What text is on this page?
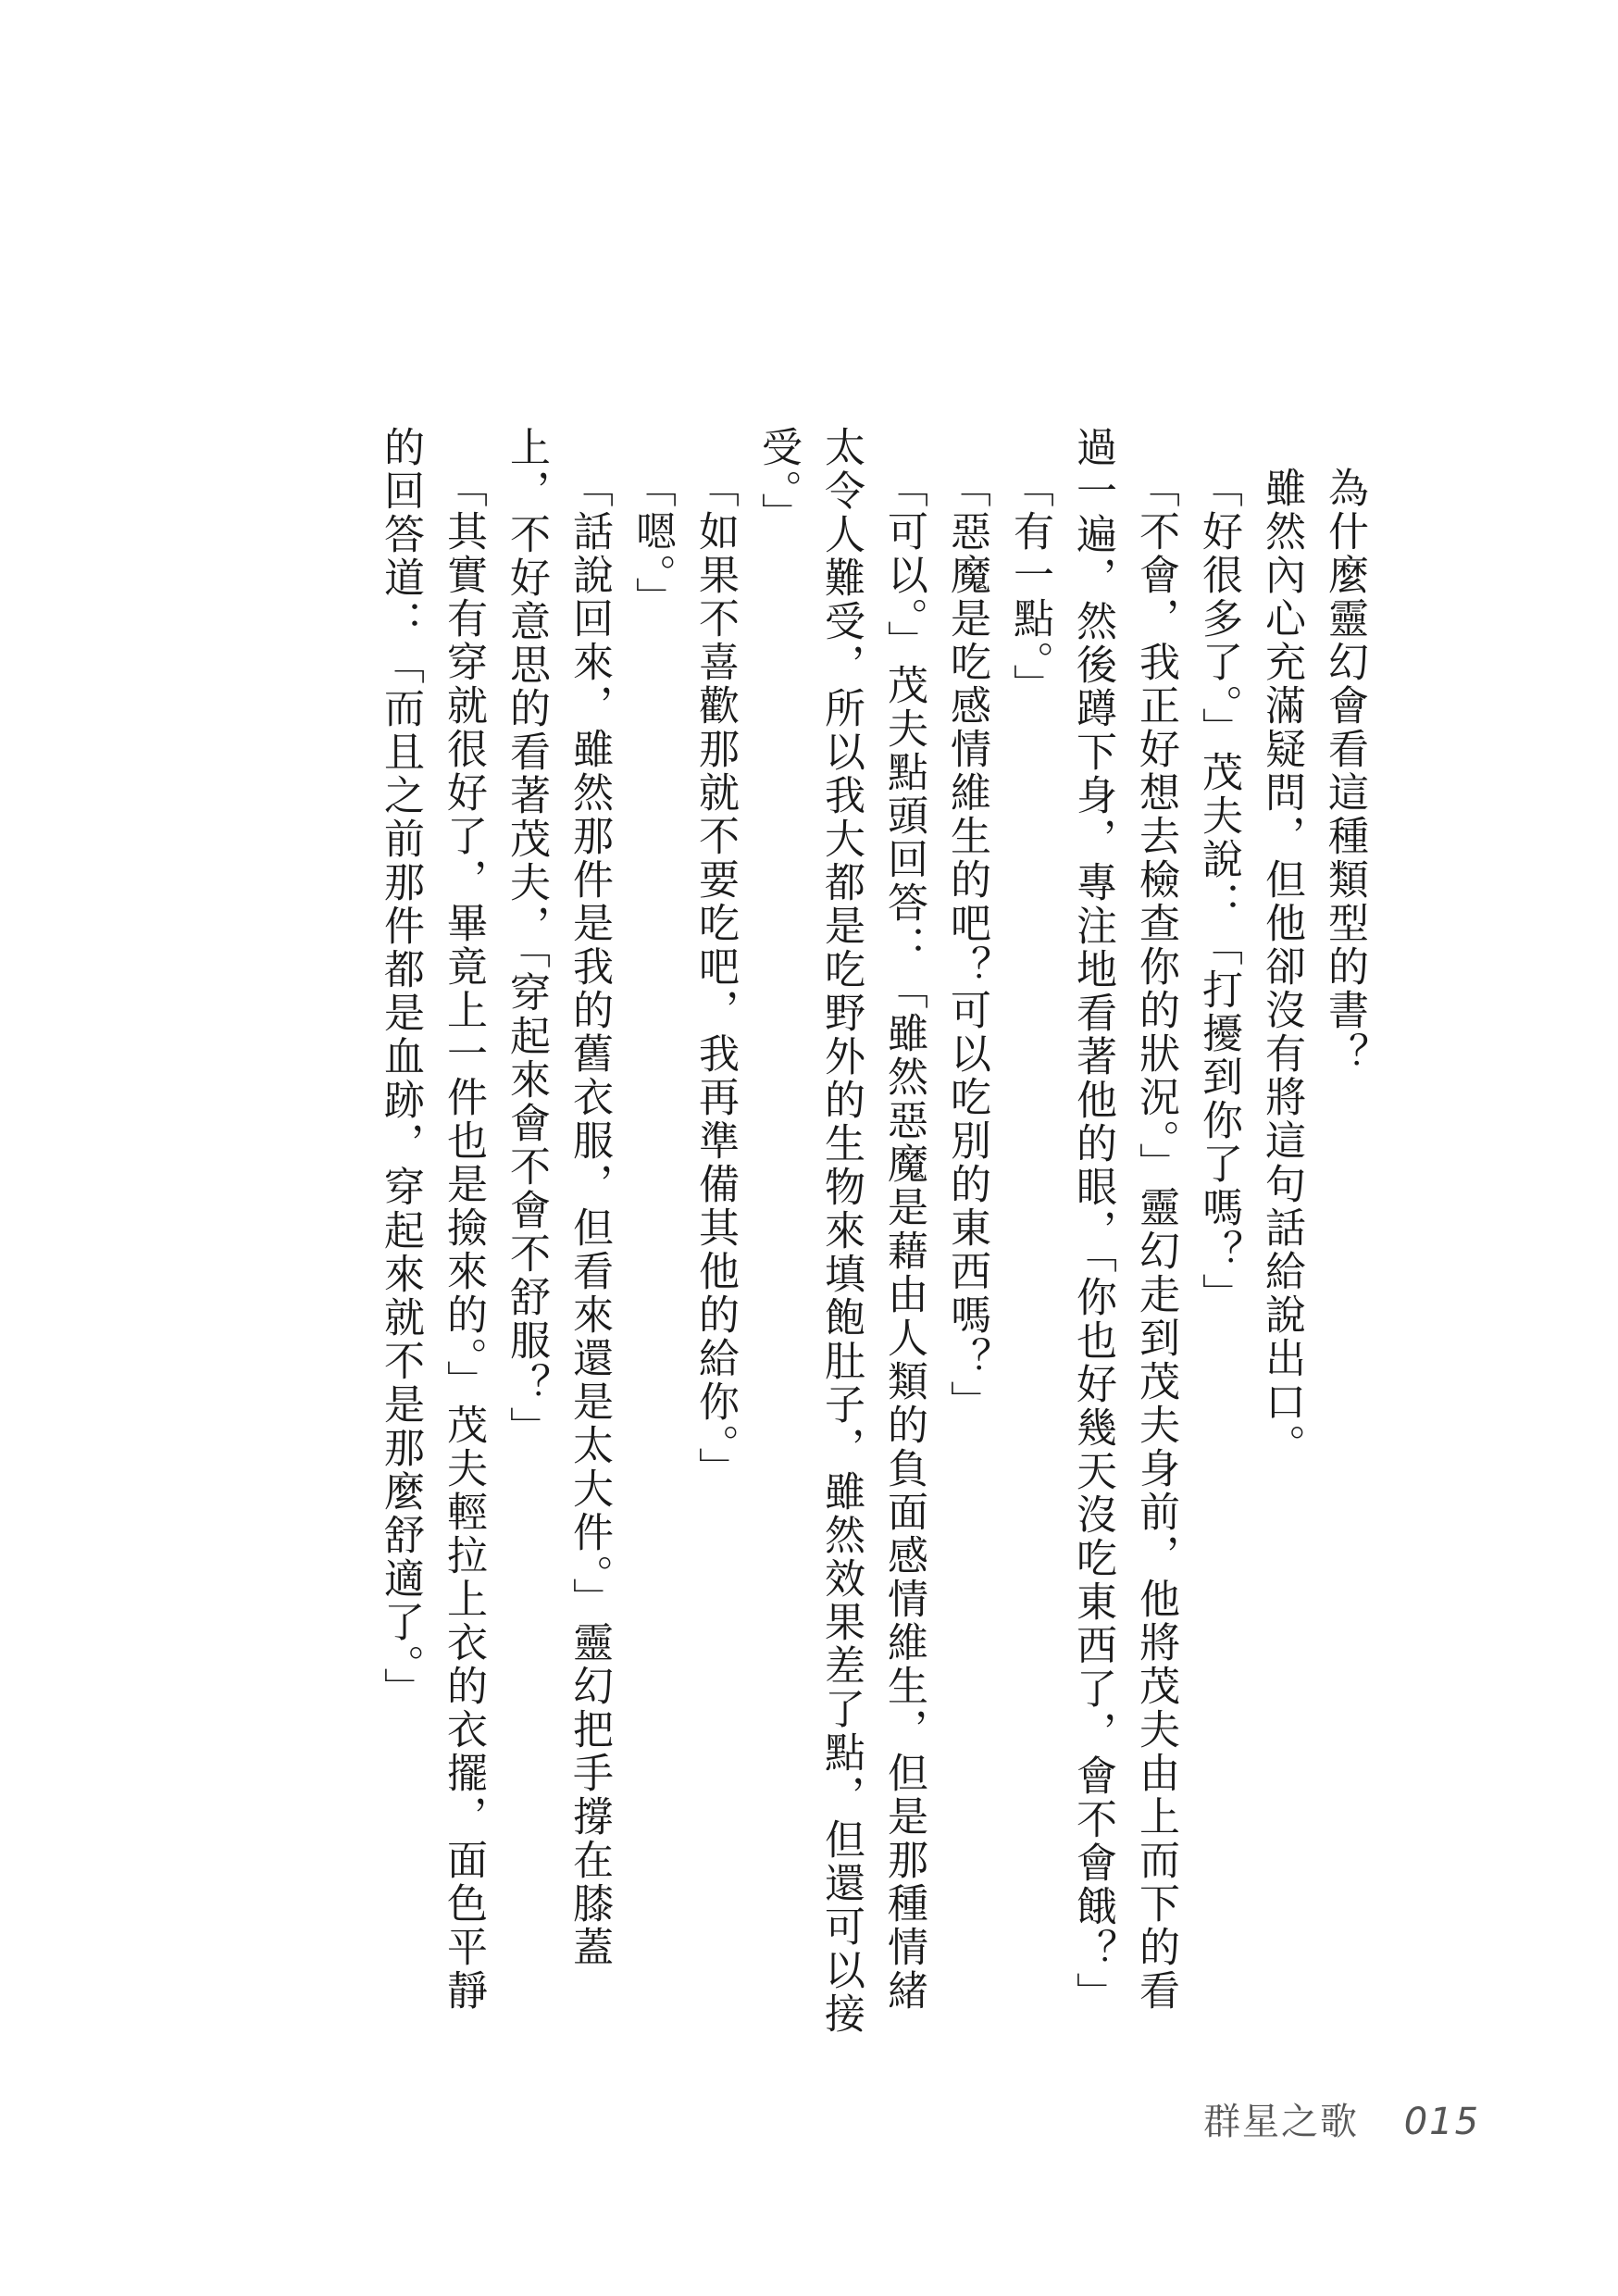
為什麼靈幻會看這種類型的書？

雖然內心充滿疑問，但他卻沒有將這句話給說出口。

「好很多了。」茂夫說：「打擾到你了嗎？」

「不會，我正好想去檢查你的狀況。」靈幻走到茂夫身前，他將茂夫由上而下的看過一遍，然後蹲下身，專注地看著他的眼，「你也好幾天沒吃東西了，會不會餓？」

「有一點。」

「惡魔是吃感情維生的吧？可以吃別的東西嗎？」

「可以。」茂夫點頭回答：「雖然惡魔是藉由人類的負面感情維生，但是那種情緒太令人難受，所以我大都是吃野外的生物來填飽肚子，雖然效果差了點，但還可以接受。」

「如果不喜歡那就不要吃吧，我再準備其他的給你。」

「嗯。」

「話說回來，雖然那件是我的舊衣服，但看來還是太大件。」靈幻把手撐在膝蓋上，不好意思的看著茂夫，「穿起來會不會不舒服？」

「其實有穿就很好了，畢竟上一件也是撿來的。」茂夫輕拉上衣的衣擺，面色平靜的回答道：「而且之前那件都是血跡，穿起來就不是那麼舒適了。」

群星之歌 015
